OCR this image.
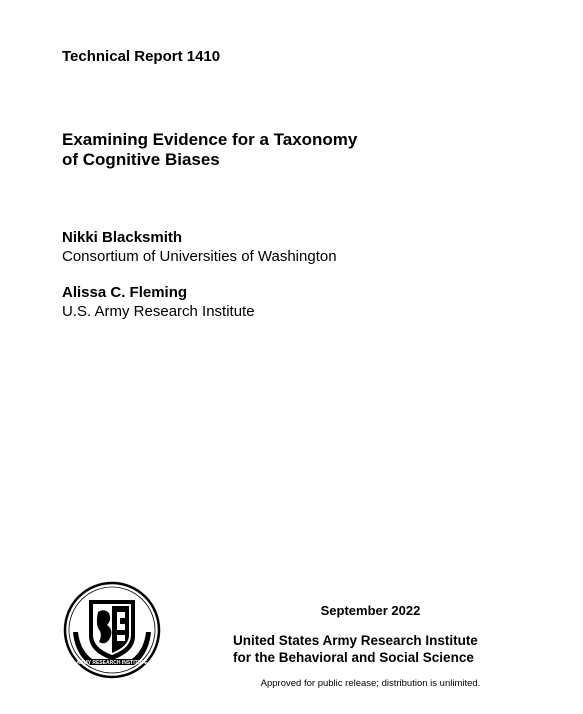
Technical Report 1410
Examining Evidence for a Taxonomy
of Cognitive Biases
Nikki Blacksmith
Consortium of Universities of Washington
Alissa C. Fleming
U.S. Army Research Institute
ARMY RESEARCH INSTITUTE
September 2022
United States Army Research Institute
for the Behavioral and Social Science
Approved for public release; distribution is unlimited.
